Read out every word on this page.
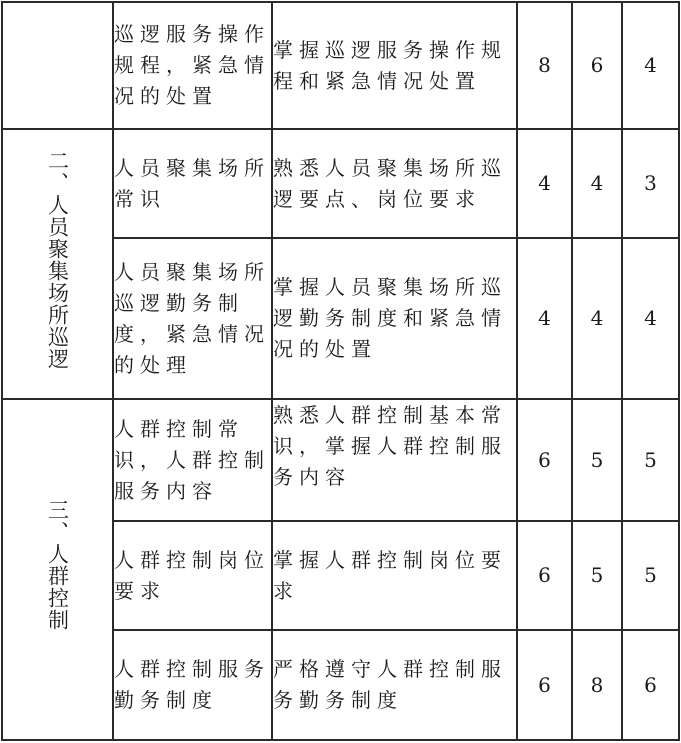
	巡逻服务操作规程，紧急情况的处置	掌握巡逻服务操作规程和紧急情况处置	8	6	4
二、人员聚集场所巡逻	人员聚集场所常识	熟悉人员聚集场所巡逻要点、岗位要求	4	4	3

	人员聚集场所巡逻勤务制度，紧急情况的处理	掌握人员聚集场所巡逻勤务制度和紧急情况的处置	4	4	4
三、人群控制	人群控制常识，人群控制服务内容	熟悉人群控制基本常识，掌握人群控制服务内容	6	5	5

	人群控制岗位要求	掌握人群控制岗位要求	6	5	5

	人群控制服务勤务制度	严格遵守人群控制服务勤务制度	6	8	6
